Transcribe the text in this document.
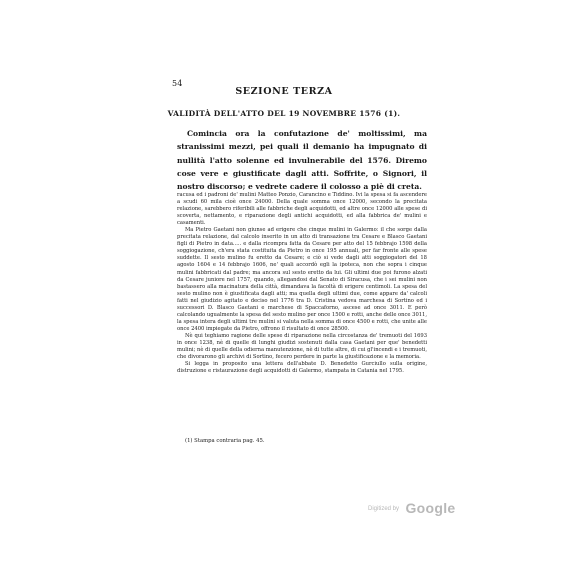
54
SEZIONE TERZA
VALIDITÀ DELL'ATTO DEL 19 NOVEMBRE 1576 (1).

Comincia ora la confutazione de' moltissimi, ma stranissimi mezzi, pei quali il demanio ha impugnato di nullità l'atto solenne ed invulnerabile del 1576. Diremo cose vere e giustificate dagli atti. Soffrite, o Signori, il nostro discorso; e vedrete cadere il colosso a piè di creta.

racusa ed i padroni de' mulini Matteo Ponzio, Carancino e Tiddino. Ivi la spesa si fa ascendere a scudi 60 mila cioè once 24000. Della quale somma once 12000, secondo la precitata relazione, sarebbero riferibili alle fabbriche degli acquidotti, ed altre once 12000 alle spese di scoverta, nettamento, e riparazione degli antichi acquidotti, ed alla fabbrica de' mulini e casamenti.

Ma Pietro Gaetani non giunse ad erigere che cinque mulini in Galermo: il che sorge dalla precitata relazione, dal calcolo inserito in un atto di transazione tra Cesare e Blasco Gaetani figli di Pietro in data..... e dalla ricompra fatta da Cesare per atto del 15 febbrajo 1598 della soggiogazione, ch'era stata costituita da Pietro in once 195 annuali, per far fronte alle spese suddette. Il sesto mulino fu eretto da Cesare; e ciò si vede dagli atti soggiogatori del 18 agosto 1604 e 14 febbrajo 1606, ne' quali accordò egli la ipoteca, non che sopra i cinque mulini fabbricati dal padre; ma ancora sul sesto eretto da lui. Gli ultimi due poi furono alzati da Cesare juniore nel 1757, quando, allegandosi dal Senato di Siracusa, che i sei mulini non bastassero alla macinatura della città, dimandava la facoltà di erigere centimoli. La spesa del sesto mulino non è giustificata dagli atti; ma quella degli ultimi due, come appare da' calcoli fatti nel giudizio agitato e deciso nel 1776 tra D. Cristina vedova marchesa di Sortino ed i successori D. Blasco Gaetani e marchese di Spaccaforno, ascese ad once 3011. E però calcolando ugualmente la spesa del sesto mulino per once 1500 e rotti, anche delle once 3011, la spesa intera degli ultimi tre mulini si valuta nella somma di once 4500 e rotti, che unite alle once 2400 impiegate da Pietro, offrono il risultato di once 28500.

Nè qui teghiamo ragione delle spese di riparazione nella circostanza de' tremuoti del 1693 in once 1238, nè di quelle di lunghi giudizi sostenuti dalla casa Gaetani per que' benedetti mulini; nè di quelle della odierna manutenzione, nè di tutte altre, di cui gl'incendi e i tremuoti, che divorarono gli archivi di Sortino, fecero perdere in parte la giustificazione e la memoria.

Si legga in proposito una lettera dell'abbate D. Benedetto Gurciullo sulla origine, distruzione e ristaurazione degli acquidotti di Galermo, stampata in Catania nel 1795.

(1) Stampa contraria pag. 45.
Digitized by Google
